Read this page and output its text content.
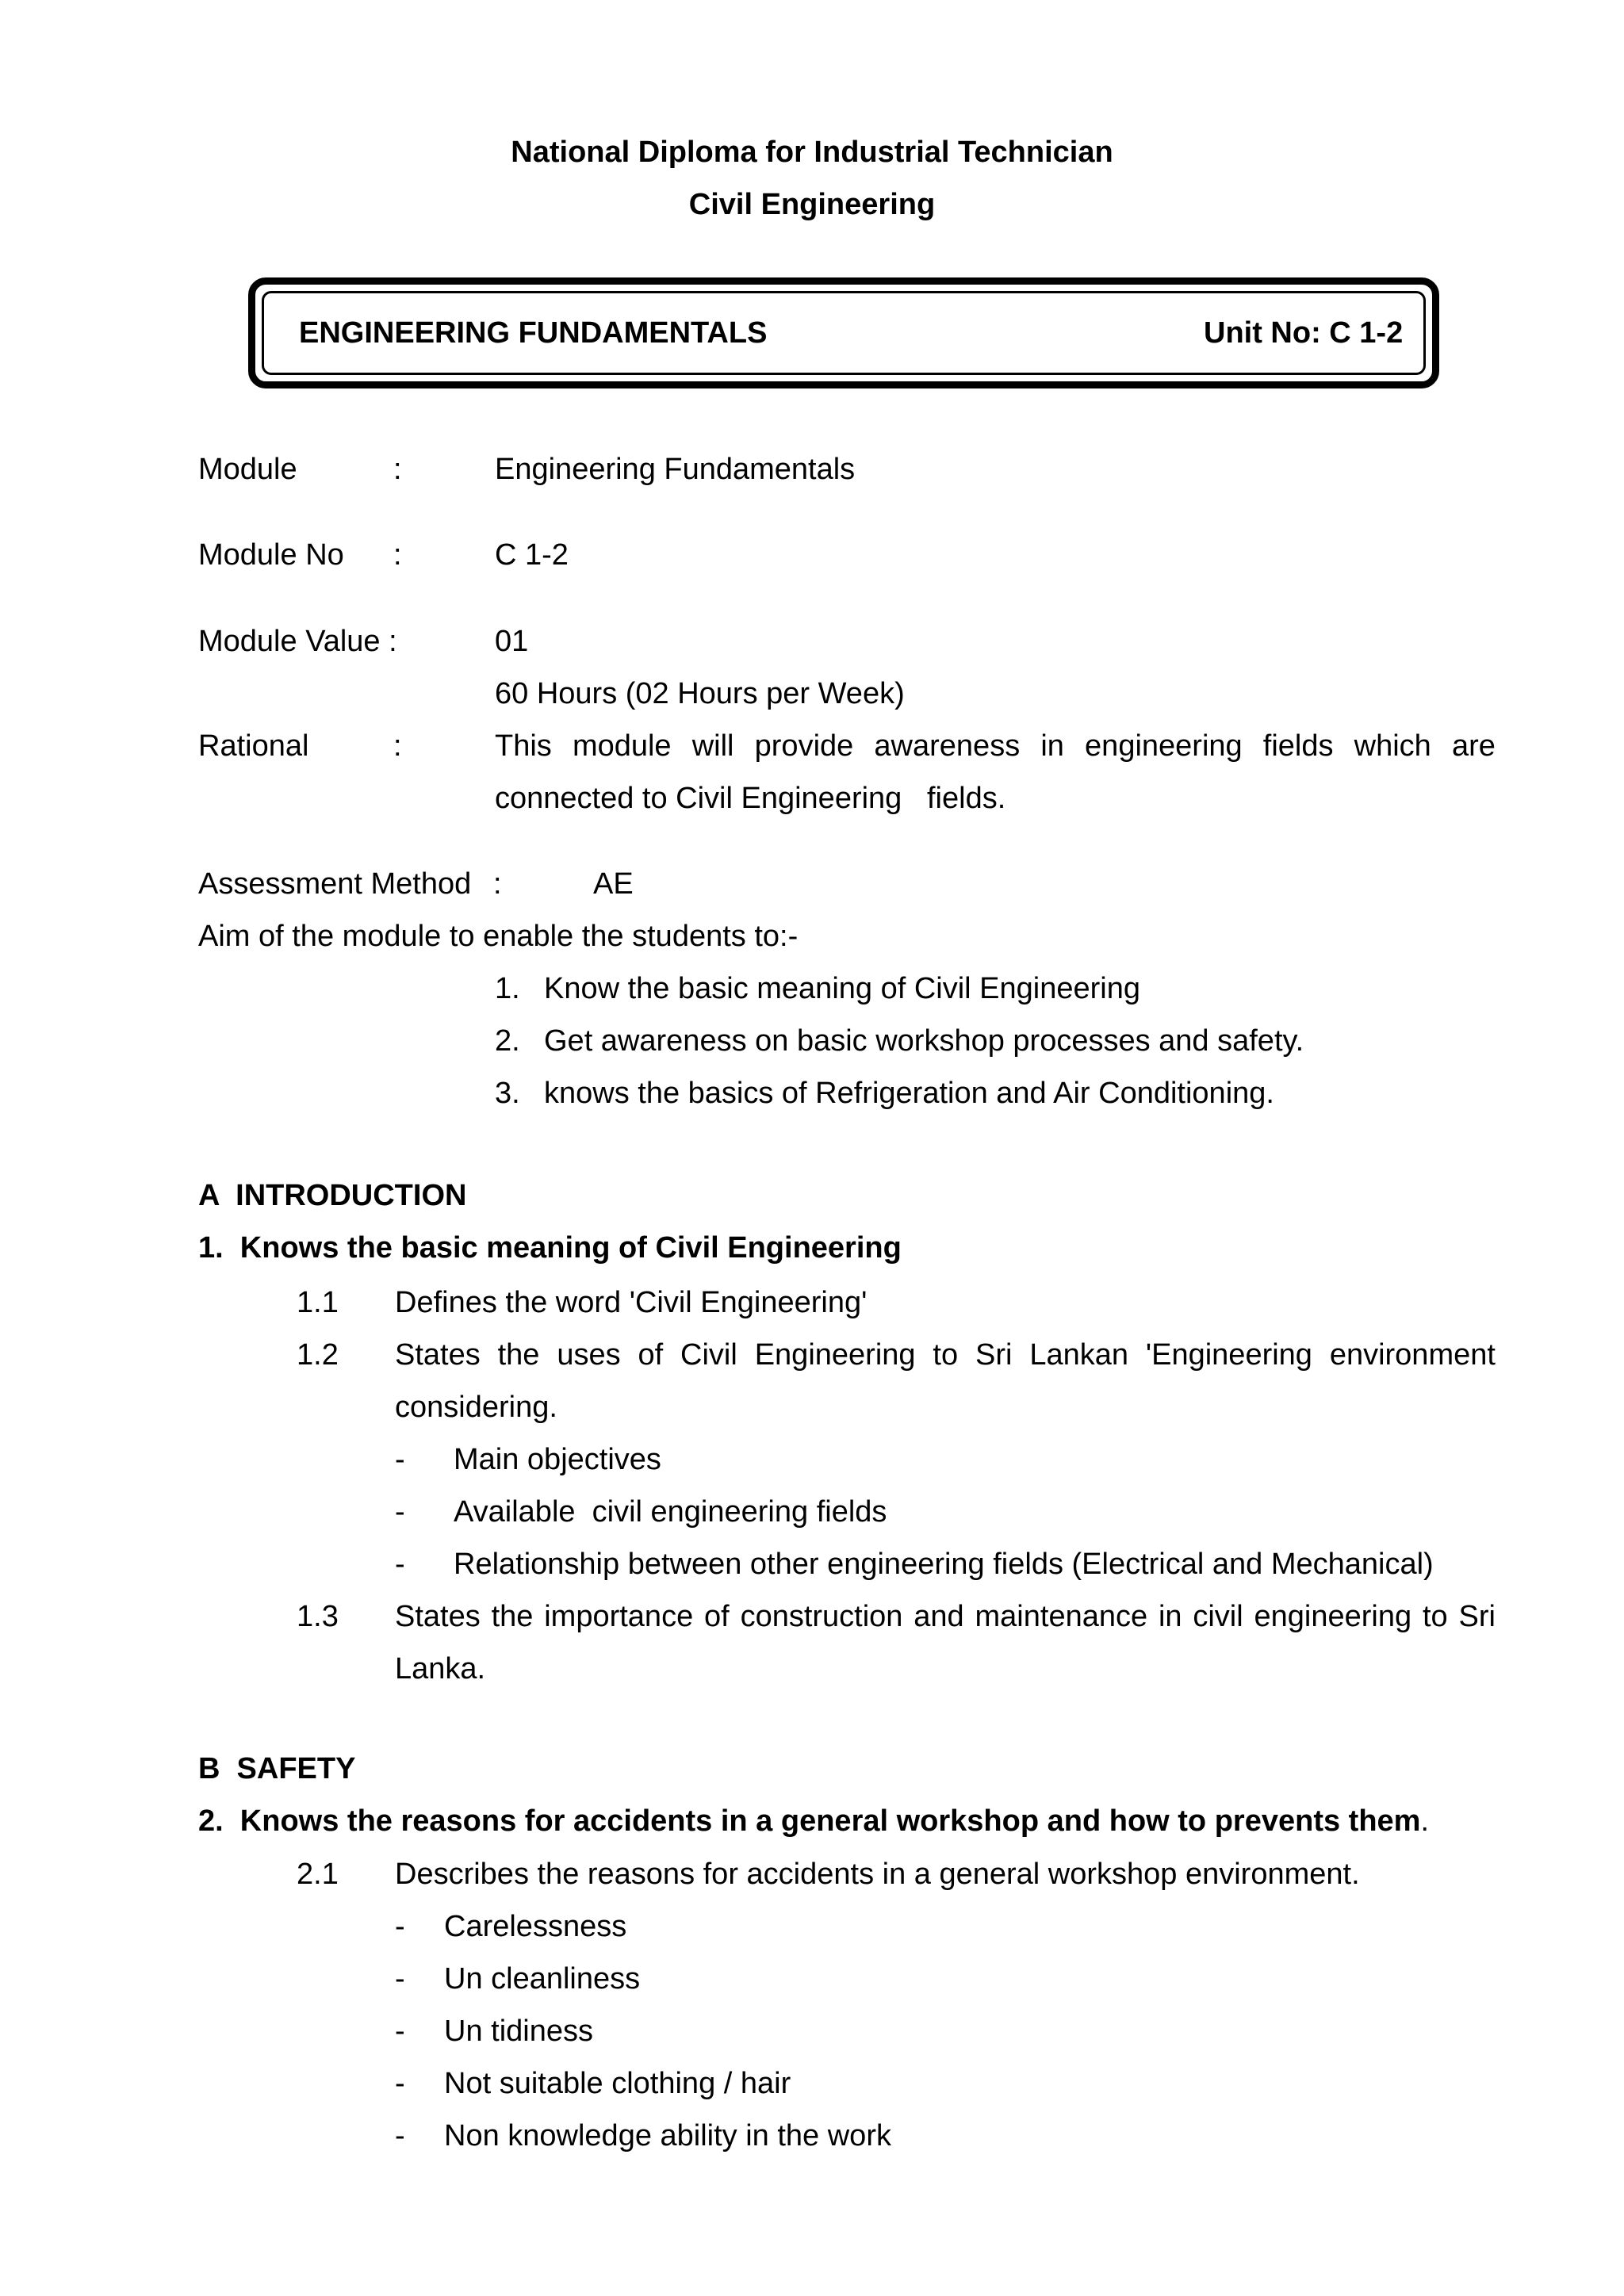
National Diploma for Industrial Technician
Civil Engineering
ENGINEERING FUNDAMENTALS	Unit No: C 1-2
Module	:	Engineering Fundamentals
Module No :	C 1-2
Module Value :	01
60 Hours (02 Hours per Week)
Rational	:	This module will provide awareness in engineering fields which are
connected to Civil Engineering   fields.
Assessment Method :	AE
Aim of the module to enable the students to:-
1. Know the basic meaning of Civil Engineering
2. Get awareness on basic workshop processes and safety.
3. knows the basics of Refrigeration and Air Conditioning.
A  INTRODUCTION
1.  Knows the basic meaning of Civil Engineering
1.1 Defines the word 'Civil Engineering'
1.2 States the uses of Civil Engineering to Sri Lankan 'Engineering environment
considering.
- Main objectives
- Available  civil engineering fields
- Relationship between other engineering fields (Electrical and Mechanical)
1.3 States the importance of construction and maintenance in civil engineering to Sri
Lanka.
B  SAFETY
2.  Knows the reasons for accidents in a general workshop and how to prevents them.
2.1 Describes the reasons for accidents in a general workshop environment.
- Carelessness
- Un cleanliness
- Un tidiness
- Not suitable clothing / hair
- Non knowledge ability in the work
